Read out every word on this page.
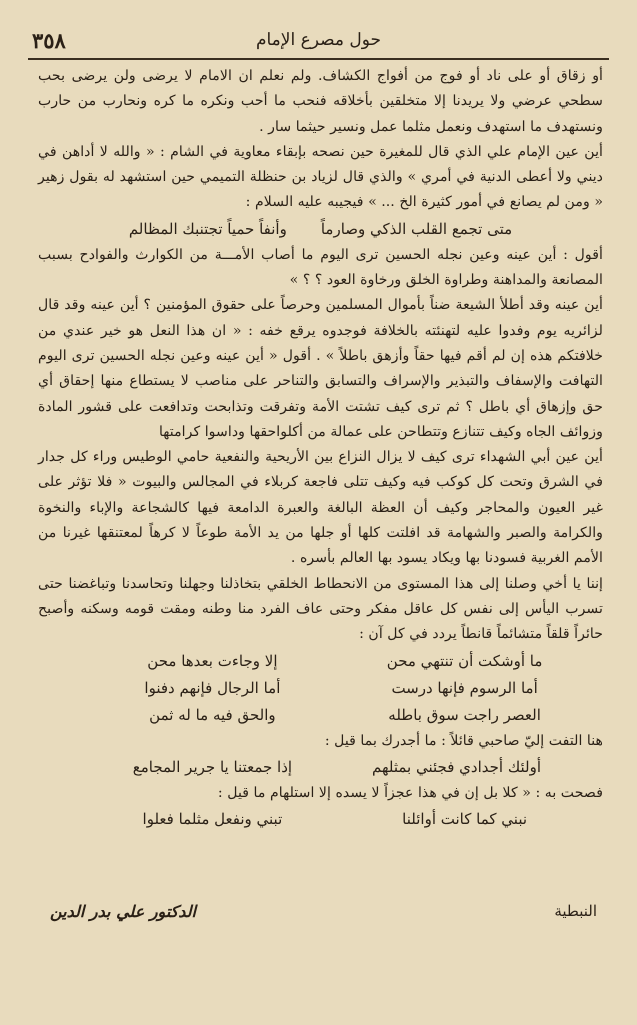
٣٥٨	حول مصرع الإمام

أو زقاق أو على ناد أو فوج من أفواج الكشاف. ولم نعلم ان الامام لا يرضى ولن يرضى بحب سطحي عرضي ولا يريدنا إلا متخلقين بأخلاقه فنحب ما أحب ونكره ما كره ونحارب من حارب ونستهدف ما استهدف ونعمل مثلما عمل ونسير حيثما سار .

أين عين الإمام علي الذي قال للمغيرة حين نصحه بإبقاء معاوية في الشام : « والله لا أداهن في ديني ولا أعطى الدنية في أمري » والذي قال لزياد بن حنظلة التميمي حين استشهد له بقول زهير « ومن لم يصانع في أمور كثيرة الخ ... » فيجيبه عليه السلام :

متى تجمع القلب الذكي وصارماً
وأنفاً حمياً تجتنبك المظالم

أقول : أين عينه وعين نجله الحسين ترى اليوم ما أصاب الأمـــة من الكوارث والفوادح بسبب المصانعة والمداهنة وطراوة الخلق ورخاوة العود ؟ ؟ »

أين عينه وقد أطلأ الشيعة ضناً بأموال المسلمين وحرصاً على حقوق المؤمنين ؟ أين عينه وقد قال لزائريه يوم وفدوا عليه لتهنئته بالخلافة فوجدوه يرقع خفه : « ان هذا النعل هو خير عندي من خلافتكم هذه إن لم أقم فيها حقاً وأزهق باطلاً » . أقول « أين عينه وعين نجله الحسين ترى اليوم التهافت والإسفاف والتبذير والإسراف والتسابق والتناحر على مناصب لا يستطاع منها إحقاق أي حق وإزهاق أي باطل ؟ ثم ترى كيف تشتت الأمة وتفرقت وتذابحت وتدافعت على قشور المادة وزوائف الجاه وكيف تتنازع وتتطاحن على عمالة من أكلواحقها وداسوا كرامتها

أين عين أبي الشهداء ترى كيف لا يزال النزاع بين الأريحية والنفعية حامي الوطيس وراء كل جدار في الشرق وتحت كل كوكب فيه وكيف تتلى فاجعة كربلاء في المجالس والبيوت « فلا تؤثر على غير العيون والمحاجر وكيف أن العظة البالغة والعبرة الدامعة فيها كالشجاعة والإباء والنخوة والكرامة والصبر والشهامة قد افلتت كلها أو جلها من يد الأمة طوعاً لا كرهاً لمعتنقها غيرنا من الأمم الغربية فسودنا بها ويكاد يسود بها العالم بأسره .

إننا يا أخي وصلنا إلى هذا المستوى من الانحطاط الخلقي بتخاذلنا وجهلنا وتحاسدنا وتباغضنا حتى تسرب اليأس إلى نفس كل عاقل مفكر وحتى عاف الفرد منا وطنه ومقت قومه وسكنه وأصبح حائراً قلقاً متشائماً قانطاً يردد في كل آن :

ما أوشكت أن تنتهي محن
إلا وجاءت بعدها محن
أما الرسوم فإنها درست
أما الرجال فإنهم دفنوا
العصر راجت سوق باطله
والحق فيه ما له ثمن

هنا التفت إليّ صاحبي قائلاً : ما أجدرك بما قيل :

أولئك أجدادي فجئني بمثلهم
إذا جمعتنا يا جرير المجامع

فصحت به : « كلا بل إن في هذا عجزاً لا يسده إلا استلهام ما قيل :

نبني كما كانت أوائلنا
تبني ونفعل مثلما فعلوا
النبطية
الدكتور علي بدر الدين
